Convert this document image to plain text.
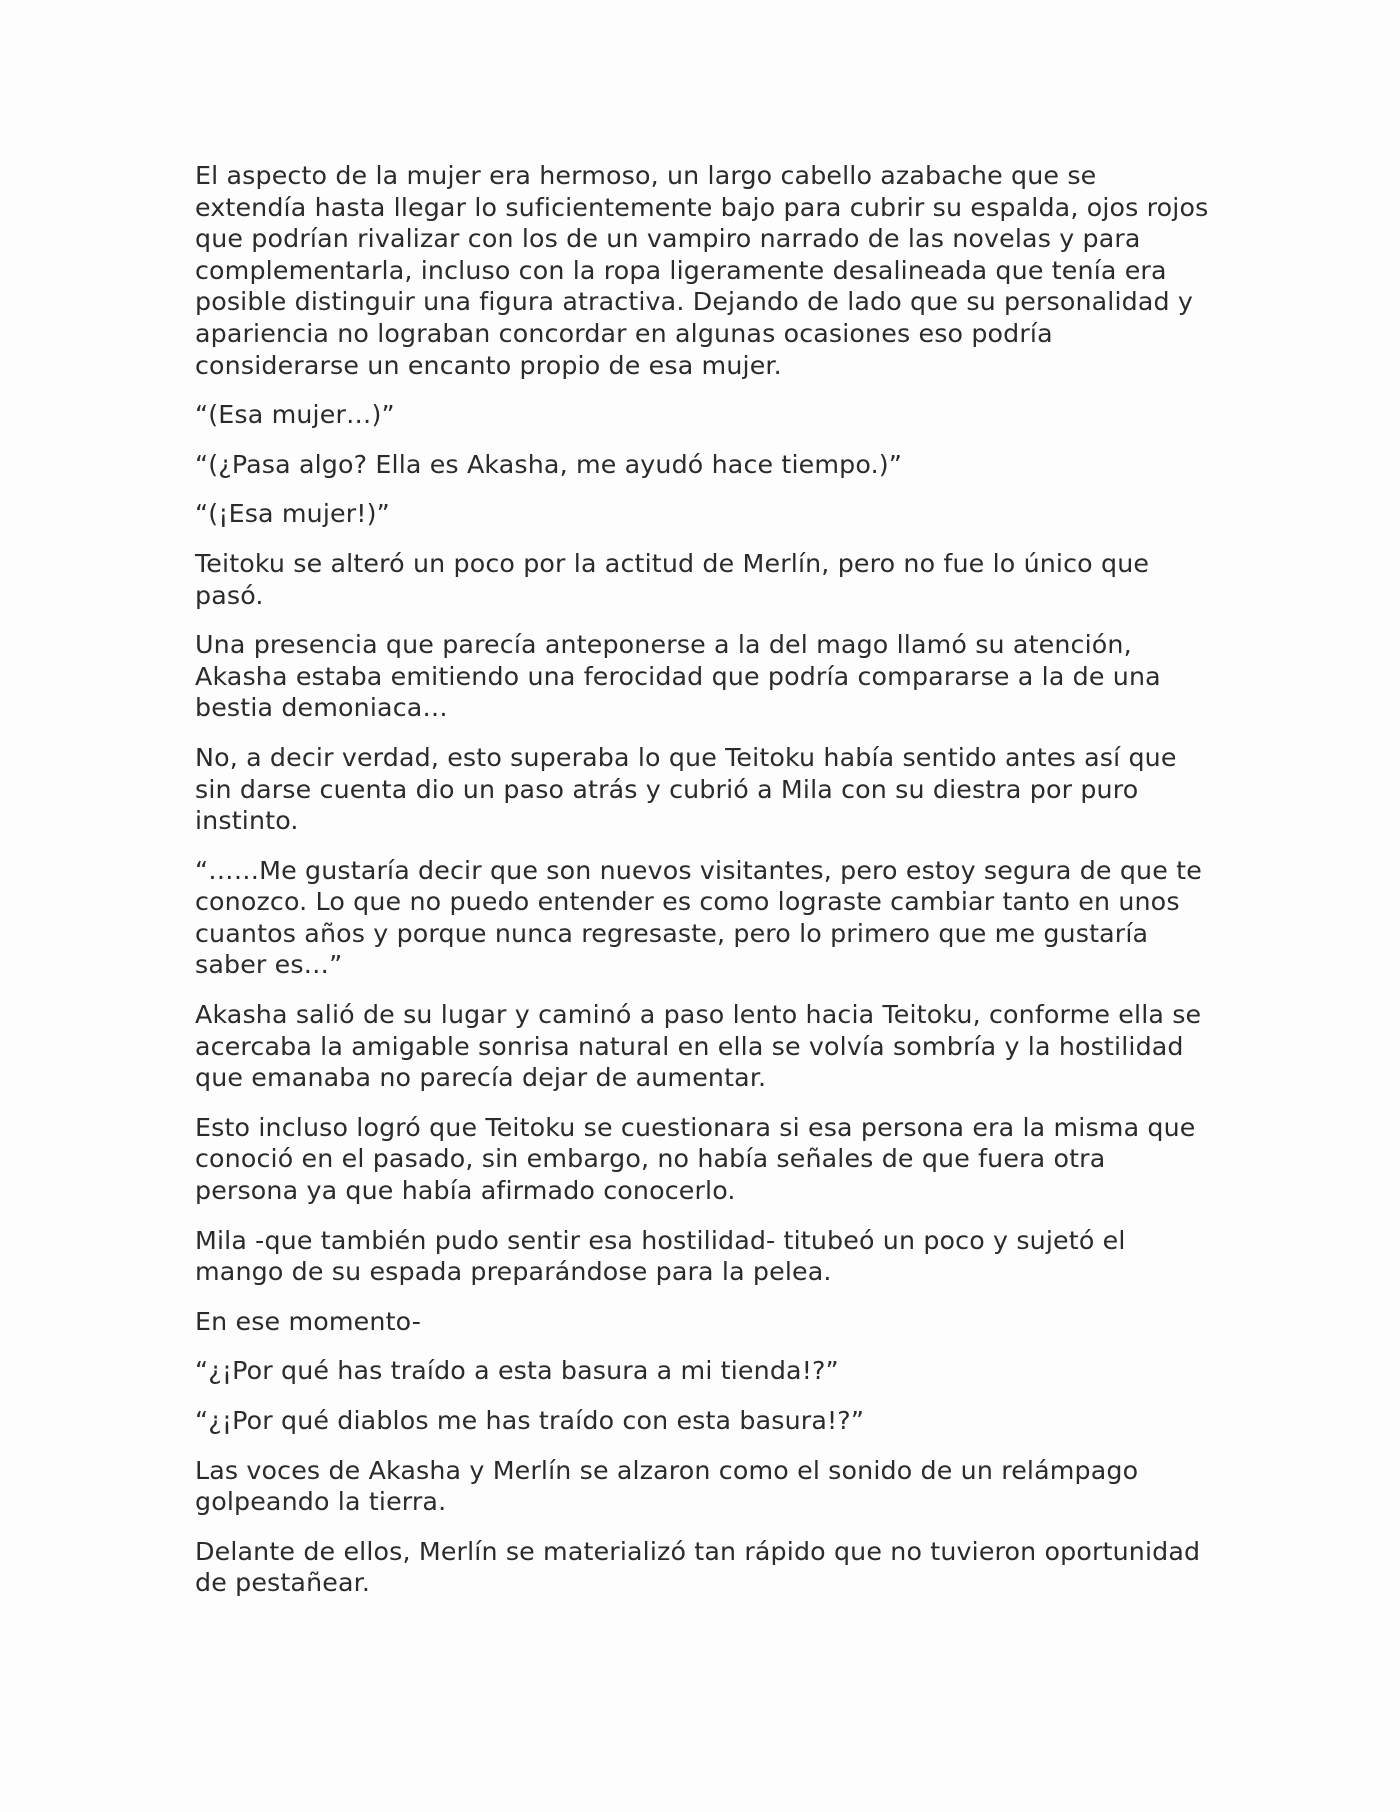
El aspecto de la mujer era hermoso, un largo cabello azabache que se extendía hasta llegar lo suficientemente bajo para cubrir su espalda, ojos rojos que podrían rivalizar con los de un vampiro narrado de las novelas y para complementarla, incluso con la ropa ligeramente desalineada que tenía era posible distinguir una figura atractiva. Dejando de lado que su personalidad y apariencia no lograban concordar en algunas ocasiones eso podría considerarse un encanto propio de esa mujer.

“(Esa mujer…)”

“(¿Pasa algo? Ella es Akasha, me ayudó hace tiempo.)”

“(¡Esa mujer!)”

Teitoku se alteró un poco por la actitud de Merlín, pero no fue lo único que pasó.

Una presencia que parecía anteponerse a la del mago llamó su atención, Akasha estaba emitiendo una ferocidad que podría compararse a la de una bestia demoniaca…

No, a decir verdad, esto superaba lo que Teitoku había sentido antes así que sin darse cuenta dio un paso atrás y cubrió a Mila con su diestra por puro instinto.

“……Me gustaría decir que son nuevos visitantes, pero estoy segura de que te conozco. Lo que no puedo entender es como lograste cambiar tanto en unos cuantos años y porque nunca regresaste, pero lo primero que me gustaría saber es…”

Akasha salió de su lugar y caminó a paso lento hacia Teitoku, conforme ella se acercaba la amigable sonrisa natural en ella se volvía sombría y la hostilidad que emanaba no parecía dejar de aumentar.

Esto incluso logró que Teitoku se cuestionara si esa persona era la misma que conoció en el pasado, sin embargo, no había señales de que fuera otra persona ya que había afirmado conocerlo.

Mila -que también pudo sentir esa hostilidad- titubeó un poco y sujetó el mango de su espada preparándose para la pelea.

En ese momento-

“¿¡Por qué has traído a esta basura a mi tienda!?”

“¿¡Por qué diablos me has traído con esta basura!?”

Las voces de Akasha y Merlín se alzaron como el sonido de un relámpago golpeando la tierra.

Delante de ellos, Merlín se materializó tan rápido que no tuvieron oportunidad de pestañear.
